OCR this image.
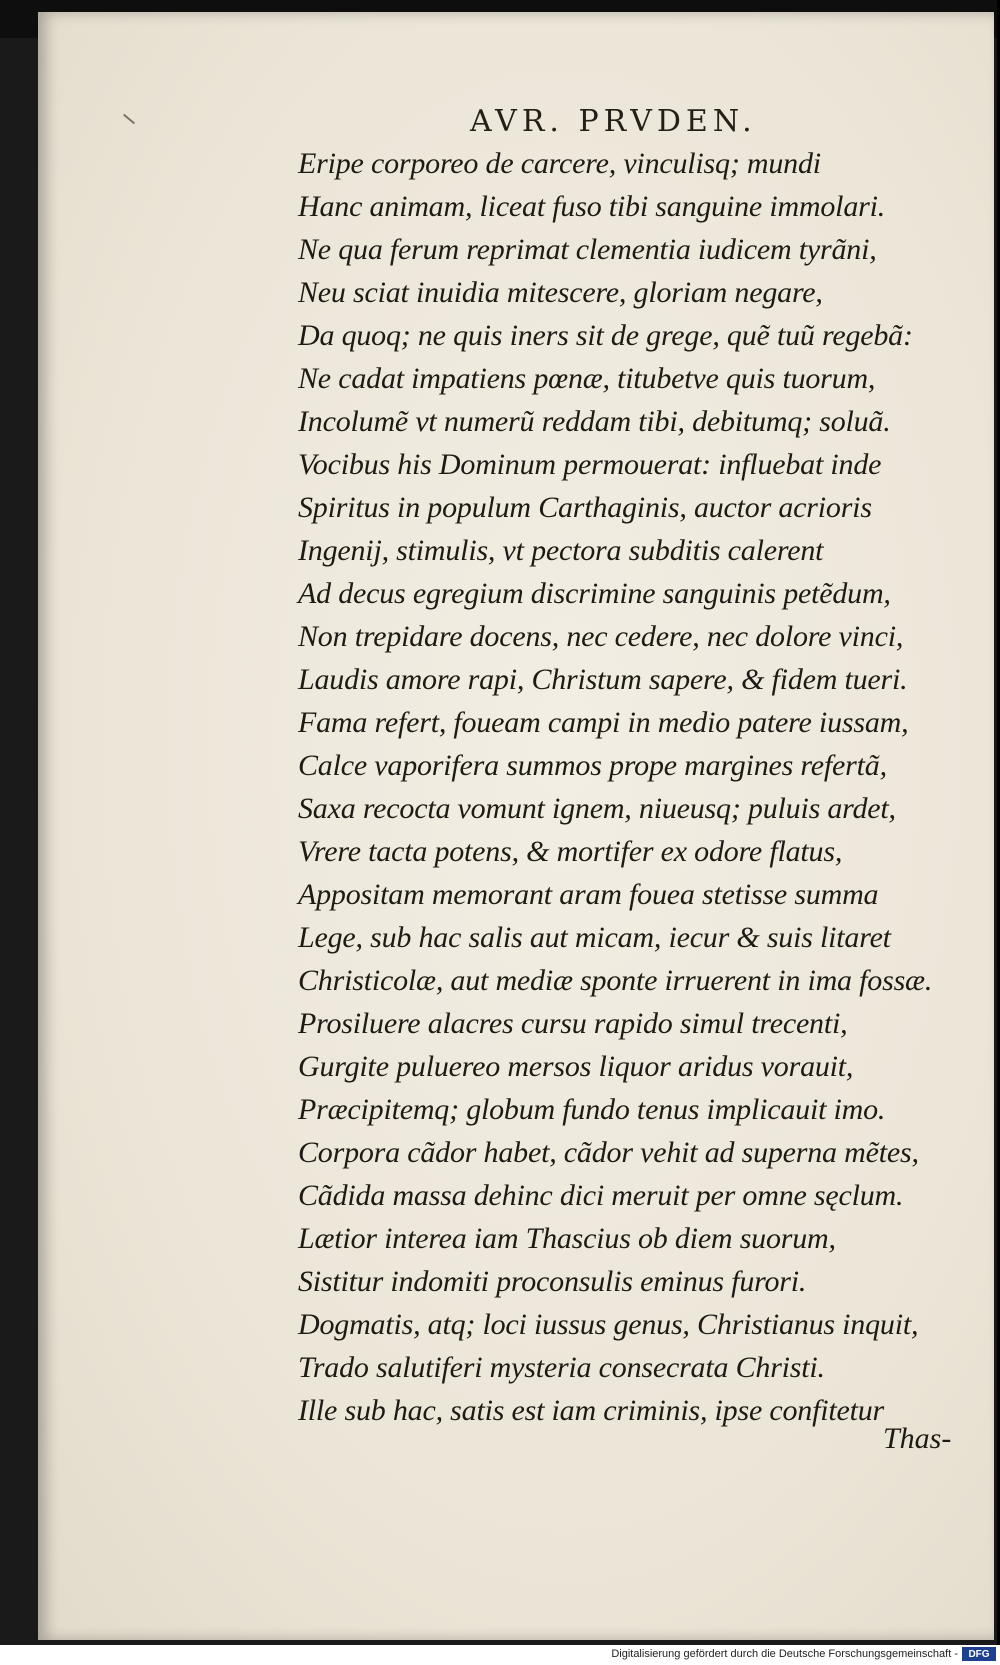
AVR. PRVDEN.
Eripe corporeo de carcere, vinculisq; mundi
Hanc animam, liceat fuso tibi sanguine immolari.
Ne qua ferum reprimat clementia iudicem tyrãni,
Neu sciat inuidia mitescere, gloriam negare,
Da quoq; ne quis iners sit de grege, quẽ tuũ regebã:
Ne cadat impatiens pœnæ, titubetve quis tuorum,
Incolumẽ vt numerũ reddam tibi, debitumq; soluã.
Vocibus his Dominum permouerat: influebat inde
Spiritus in populum Carthaginis, auctor acrioris
Ingenij, stimulis, vt pectora subditis calerent
Ad decus egregium discrimine sanguinis petẽdum,
Non trepidare docens, nec cedere, nec dolore vinci,
Laudis amore rapi, Christum sapere, & fidem tueri.
Fama refert, foueam campi in medio patere iussam,
Calce vaporifera summos prope margines refertã,
Saxa recocta vomunt ignem, niueusq; puluis ardet,
Vrere tacta potens, & mortifer ex odore flatus,
Appositam memorant aram fouea stetisse summa
Lege, sub hac salis aut micam, iecur & suis litaret
Christicolæ, aut mediæ sponte irruerent in ima fossæ.
Prosiluere alacres cursu rapido simul trecenti,
Gurgite puluereo mersos liquor aridus vorauit,
Præcipitemq; globum fundo tenus implicauit imo.
Corpora cãdor habet, cãdor vehit ad superna mẽtes,
Cãdida massa dehinc dici meruit per omne sęclum.
Lætior interea iam Thascius ob diem suorum,
Sistitur indomiti proconsulis eminus furori.
Dogmatis, atq; loci iussus genus, Christianus inquit,
Trado salutiferi mysteria consecrata Christi.
Ille sub hac, satis est iam criminis, ipse confitetur
Thas-
Digitalisierung gefördert durch die Deutsche Forschungsgemeinschaft -	DFG
